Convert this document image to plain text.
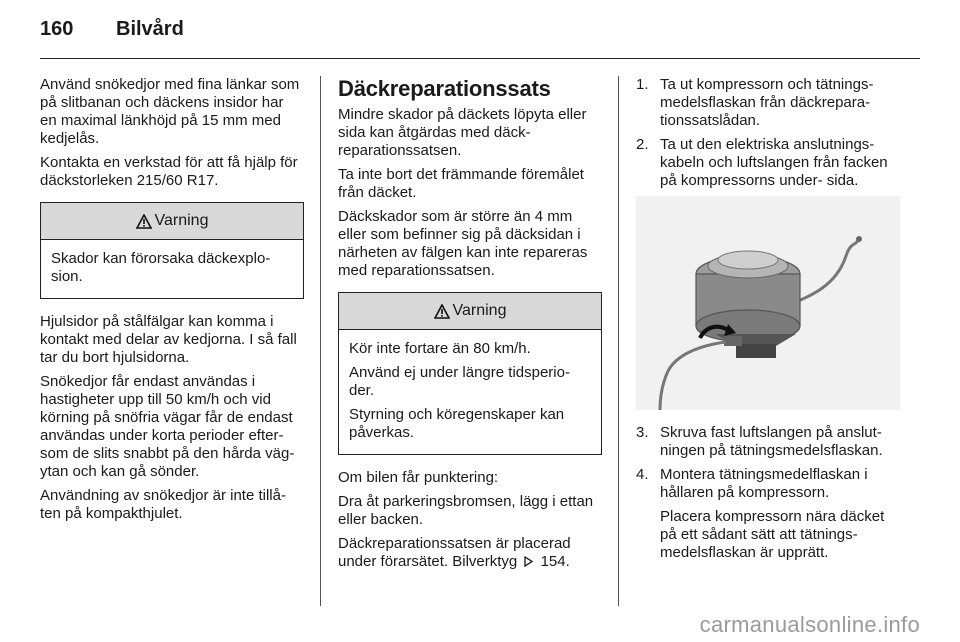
160	Bilvård

Använd snökedjor med fina länkar som på slitbanan och däckens insidor har en maximal länkhöjd på 15 mm med kedjelås.

Kontakta en verkstad för att få hjälp för däckstorleken 215/60 R17.

Varning

Skador kan förorsaka däckexplo- sion.

Hjulsidor på stålfälgar kan komma i kontakt med delar av kedjorna. I så fall tar du bort hjulsidorna.

Snökedjor får endast användas i hastigheter upp till 50 km/h och vid körning på snöfria vägar får de endast användas under korta perioder efter- som de slits snabbt på den hårda väg- ytan och kan gå sönder.

Användning av snökedjor är inte tillå- ten på kompakthjulet.

Däckreparationssats

Mindre skador på däckets löpyta eller sida kan åtgärdas med däck- reparationssatsen.

Ta inte bort det främmande föremålet från däcket.

Däckskador som är större än 4 mm eller som befinner sig på däcksidan i närheten av fälgen kan inte repareras med reparationssatsen.

Varning

Kör inte fortare än 80 km/h.

Använd ej under längre tidsperio- der.

Styrning och köregenskaper kan påverkas.

Om bilen får punktering:

Dra åt parkeringsbromsen, lägg i ettan eller backen.

Däckreparationssatsen är placerad under förarsätet. Bilverktyg 154.

1. Ta ut kompressorn och tätnings- medelsflaskan från däckrepara- tionssatslådan.
2. Ta ut den elektriska anslutnings- kabeln och luftslangen från facken på kompressorns under- sida.
3. Skruva fast luftslangen på anslut- ningen på tätningsmedelsflaskan.
4. Montera tätningsmedelflaskan i hållaren på kompressorn.

Placera kompressorn nära däcket på ett sådant sätt att tätnings- medelsflaskan är upprätt.

carmanualsonline.info
